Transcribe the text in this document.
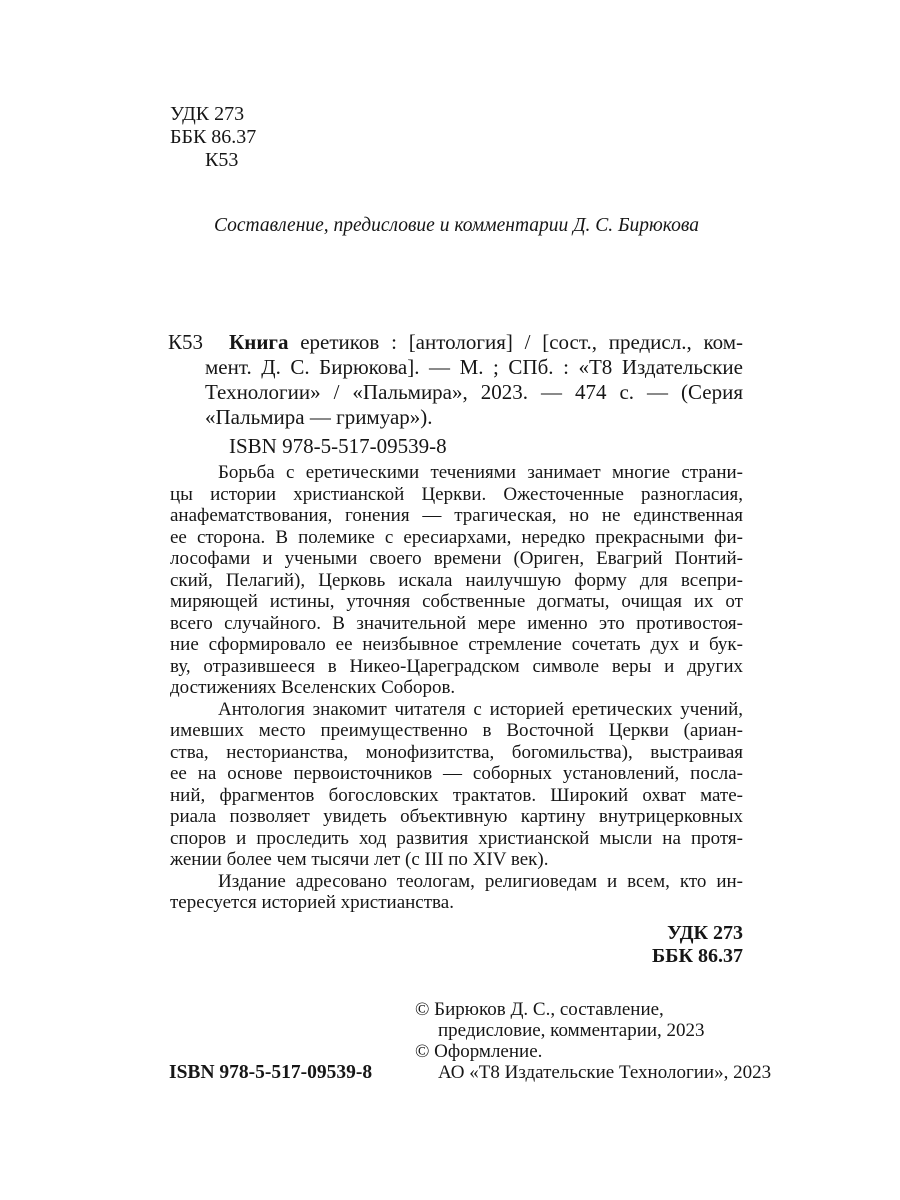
УДК 273
ББК 86.37
К53
Составление, предисловие и комментарии Д. С. Бирюкова
К53	Книга еретиков : [антология] / [сост., предисл., ком-
мент. Д. С. Бирюкова]. — М. ; СПб. : «Т8 Издательские
Технологии» / «Пальмира», 2023. — 474 с. — (Серия
«Пальмира — гримуар»).
ISBN 978-5-517-09539-8
Борьба с еретическими течениями занимает многие страни-
цы истории христианской Церкви. Ожесточенные разногласия,
анафематствования, гонения — трагическая, но не единственная
ее сторона. В полемике с ересиархами, нередко прекрасными фи-
лософами и учеными своего времени (Ориген, Евагрий Понтий-
ский, Пелагий), Церковь искала наилучшую форму для всепри-
миряющей истины, уточняя собственные догматы, очищая их от
всего случайного. В значительной мере именно это противостоя-
ние сформировало ее неизбывное стремление сочетать дух и бук-
ву, отразившееся в Никео-Цареградском символе веры и других
достижениях Вселенских Соборов.
Антология знакомит читателя с историей еретических учений,
имевших место преимущественно в Восточной Церкви (ариан-
ства, несторианства, монофизитства, богомильства), выстраивая
ее на основе первоисточников — соборных установлений, посла-
ний, фрагментов богословских трактатов. Широкий охват мате-
риала позволяет увидеть объективную картину внутрицерковных
споров и проследить ход развития христианской мысли на протя-
жении более чем тысячи лет (с III по XIV век).
Издание адресовано теологам, религиоведам и всем, кто ин-
тересуется историей христианства.
УДК 273
ББК 86.37
ISBN 978-5-517-09539-8
© Бирюков Д. С., составление,
предисловие, комментарии, 2023
© Оформление.
АО «Т8 Издательские Технологии», 2023
